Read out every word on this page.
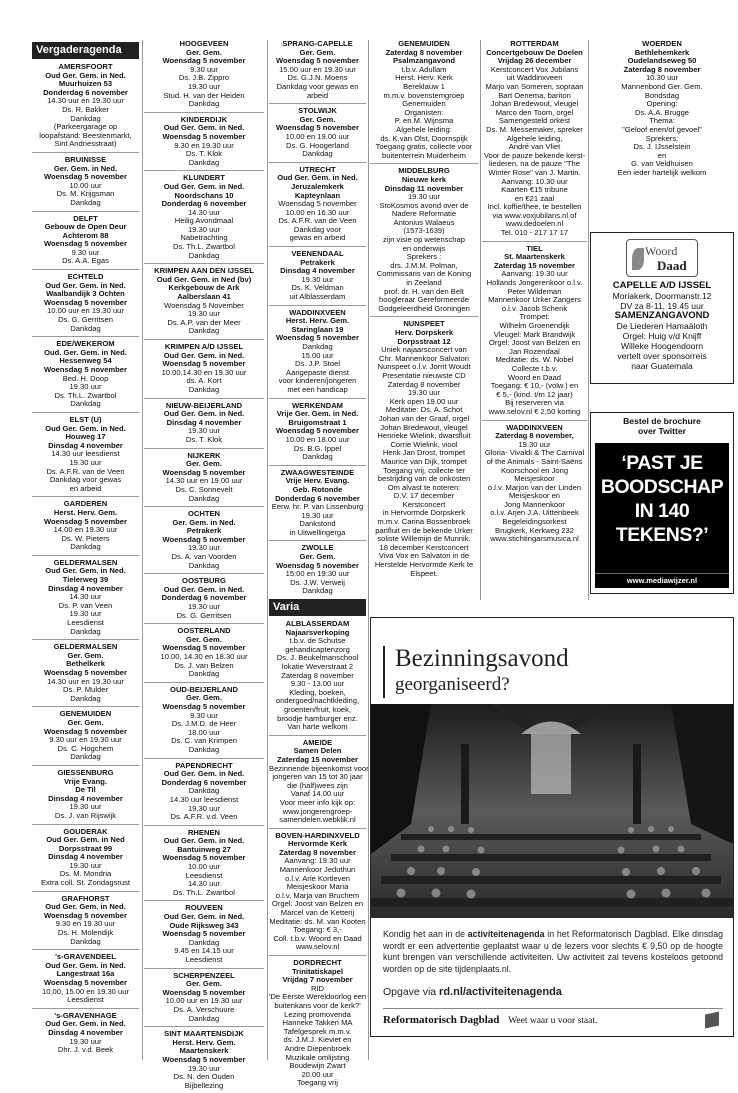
Vergaderagenda
AMERSFOORT
Oud Ger. Gem. in Ned.
Muurhuizen 53
Donderdag 6 november
14.30 uur en 19.30 uur
Ds. R. Bakker
Dankdag
(Parkeergarage op
loopafstand: Beestenmarkt,
Sint Andriesstraat)
BRUINISSE
Ger. Gem. in Ned.
Woensdag 5 november
10.00 uur
Ds. M. Krijgsman
Dankdag
DELFT
Gebouw de Open Deur
Achterom 88
Woensdag 5 november
9.30 uur
Ds. A.A. Egas
ECHTELD
Oud Ger. Gem. in Ned.
Waalbandijk 3 Ochten
Woensdag 5 november
10.00 uur en 19.30 uur
Ds. G. Gerritsen
Dankdag
EDE/WEKEROM
Oud. Ger. Gem. in Ned.
Hessenweg 54
Woensdag 5 november
Bed. H. Doop
19.30 uur
Ds. Th.L. Zwartbol
Dankdag
ELST (U)
Oud Ger. Gem. in Ned.
Houweg 17
Dinsdag 4 november
14.30 uur leesdienst
19.30 uur
Ds. A.F.R. van de Veen
Dankdag voor gewas
en arbeid
GARDEREN
Herst. Herv. Gem.
Woensdag 5 november
14.00 en 19.30 uur
Ds. W. Pieters
Dankdag
GELDERMALSEN
Oud Ger. Gem. in Ned.
Tielerweg 39
Dinsdag 4 november
14.30 uur
Ds. P. van Veen
19.30 uur
Leesdienst
Dankdag
GELDERMALSEN
Ger. Gem.
Bethelkerk
Woensdag 5 november
14.30 uur en 19.30 uur
Ds. P. Mulder
Dankdag
GENEMUIDEN
Ger. Gem.
Woensdag 5 november
9.30 uur en 19.30 uur
Ds. C. Hogchem
Dankdag
GIESSENBURG
Vrije Evang.
De Til
Dinsdag 4 november
19.30 uur
Ds. J. van Rijswijk
GOUDERAK
Oud Ger. Gem. in Ned
Dorpsstraat 99
Dinsdag 4 november
19.30 uur
Ds. M. Mondria
Extra coll. St. Zondagsrust
GRAFHORST
Oud Ger. Gem. in Ned.
Woensdag 5 november
9.30 en 19.30 uur
Ds. H. Molendijk
Dankdag
's-GRAVENDEEL
Oud Ger. Gem. in Ned.
Langestraat 16a
Woensdag 5 november
10.00, 15.00 en 19.30 uur
Leesdienst
's-GRAVENHAGE
Oud Ger. Gem. in Ned.
Dinsdag 4 november
19.30 uur
Dhr. J. v.d. Beek
HOOGEVEEN
Ger. Gem.
Woensdag 5 november
9.30 uur
Ds. J.B. Zippro
19.30 uur
Stud. H. van der Heiden
Dankdag
KINDERDIJK
Oud Ger. Gem. in Ned.
Woensdag 5 november
9.30 en 19.30 uur
Ds. T. Klok
Dankdag
KLUNDERT
Oud Ger. Gem. in Ned.
Noordschans 10
Donderdag 6 november
14.30 uur
Heilig Avondmaal
19.30 uur
Nabetrachting
Ds. Th.L. Zwartbol
Dankdag
KRIMPEN AAN DEN IJSSEL
Oud Ger. Gem. in Ned (bv)
Kerkgebouw de Ark
Aalberslaan 41
Woensdag 5 November
19.30 uur
Ds. A.P. van der Meer
Dankdag
KRIMPEN A/D IJSSEL
Oud Ger. Gem. in Ned.
Woensdag 5 november
10.00,14.30 en 19.30 uur
ds. A. Kort
Dankdag
NIEUW-BEIJERLAND
Oud Ger. Gem. in Ned.
Dinsdag 4 november
19.30 uur
Ds. T. Klok
NIJKERK
Ger. Gem.
Woensdag 5 november
14.30 uur en 19.00 uur
Ds. C. Sonnevelt
Dankdag
OCHTEN
Ger. Gem. in Ned.
Petrakerk
Woensdag 5 november
19.30 uur
Ds. A. van Voorden
Dankdag
OOSTBURG
Oud Ger. Gem. in Ned.
Donderdag 6 november
19.30 uur
Ds. G. Gerritsen
OOSTERLAND
Ger. Gem.
Woensdag 5 november
10.00, 14.30 en 18.30 uur
Ds. J. van Belzen
Dankdag
OUD-BEIJERLAND
Ger. Gem.
Woensdag 5 november
9.30 uur
Ds. J.M.D. de Heer
18.00 uur
Ds. C. van Krimpen
Dankdag
PAPENDRECHT
Oud Ger. Gem. in Ned.
Donderdag 6 november
Dankdag
14.30 uur leesdienst
19.30 uur
Ds. A.F.R. v.d. Veen
RHENEN
Oud Ger. Gem. in Ned.
Bantuinweg 27
Woensdag 5 november
10.00 uur
Leesdienst
14.30 uur
Ds. Th.L. Zwartbol
ROUVEEN
Oud Ger. Gem. in Ned.
Oude Rijksweg 343
Woensdag 5 november
Dankdag
9.45 en 14.15 uur
Leesdienst
SCHERPENZEEL
Ger. Gem.
Woensdag 5 november
10.00 uur en 19.30 uur
Ds. A. Verschuure
Dankdag
SINT MAARTENSDIJK
Herst. Herv. Gem.
Maartenskerk
Woensdag 5 november
19.30 uur
Ds. N. den Ouden
Bijbellezing
SPRANG-CAPELLE
Ger. Gem.
Woensdag 5 november
15.00 uur en 19.30 uur
Ds. G.J.N. Moens
Dankdag voor gewas en
arbeid
STOLWIJK
Ger. Gem.
Woensdag 5 november
10.00 en 19.00 uur
Ds. G. Hoogerland
Dankdag
UTRECHT
Oud Ger. Gem. in Ned.
Jeruzalemkerk
Kapteynlaan
Woensdag 5 november
10.00 en 16.30 uur
Ds. A.F.R. van de Veen
Dankdag voor
gewas en arbeid
VEENENDAAL
Petrakerk
Dinsdag 4 november
19.30 uur
Ds. K. Veldman
uit Alblasserdam
WADDINXVEEN
Herst. Herv. Gem.
Staringlaan 19
Woensdag 5 november
Dankdag
15.00 uur
Ds. J.P. Stoel
Aangepaste dienst
voor kinderen/jongeren
met een handicap
WERKENDAM
Vrije Ger. Gem. in Ned.
Bruigomstraat 1
Woensdag 5 november
10.00 en 18.00 uur
Ds. B.G. Ippel
Dankdag
ZWAAGWESTEINDE
Vrije Herv. Evang.
Geb. Rotonde
Donderdag 6 november
Eerw. hr. P. van Lissenburg
19.30 uur
Dankstond
in Uitwellingerga
ZWOLLE
Ger. Gem.
Woensdag 5 november
15:00 en 19:30 uur
Ds. J.W. Verweij
Dankdag
Varia
ALBLASSERDAM
Najaarsverkoping
t.b.v. de Schutse
gehandicaptenzorg
Ds. J. Beukelmanschool
lokatie Weverstraat 2
Zaterdag 8 november
9.30 - 13.00 uur
Kleding, boeken,
ondergoed/nachtkleding,
groenten/fruit, koek,
broodje hamburger enz.
Van harte welkom
AMEIDE
Samen Delen
Zaterdag 15 november
Bezinnende bijeenkomst voor
jongeren van 15 tot 30 jaar
die (half)wees zijn
Vanaf 14.00 uur
Voor meer info kijk op:
www.jongerengroep-
samendelen.webklik.nl
BOVEN-HARDINXVELD
Hervormde Kerk
Zaterdag 8 november
Aanvang: 19.30 uur
Mannenkoor Jeduthun
o.l.v. Arie Kortleven
Meisjeskoor Maria
o.l.v. Marja van Bruchem
Orgel: Joost van Belzen en
Marcel van de Ketterij
Meditatie: ds. M. van Kooten
Toegang: € 3,-
Coll. t.b.v. Woord en Daad
www.selov.nl
DORDRECHT
Trinitatiskapel
Vrijdag 7 november
RID
'De Eerste Wereldoorlog een
buitenkans voor de kerk?'
Lezing promovenda
Hanneke Takken MA
Tafelgesprek m.m.v.
ds. J.M.J. Kieviet en
Andre Diepenbroek
Muzikale omlijsting
Boudewijn Zwart
20.00 uur
Toegang vrij
GENEMUIDEN
Zaterdag 8 november
Psalmzangavond
t.b.v. Adullam
Herst. Herv. Kerk
Bereklauw 1
m.m.v. bovenstemgroep
Genemuiden
Organisten:
P. en M. Wijnsma
Algehele leiding:
ds. K.van Olst, Doornspijk
Toegang gratis, collecte voor
buitenterrein Muiderheim
MIDDELBURG
Nieuwe kerk
Dinsdag 11 november
19.30 uur
StoKosmos avond over de
Nadere Reformatie
Antonius Walaeus
(1573-1639)
zijn visie op wetenschap
en onderwijs
Sprekers :
drs. J.M.M. Polman,
Commissaris van de Koning
in Zeeland
prof. dr. H. van den Belt
hoogleraar Gereformeerde
Godgeleerdheid Groningen
NUNSPEET
Herv. Dorpskerk
Dorpsstraat 12
Uniek najaarsconcert van
Chr. Mannenkoor Salvatori
Nunspeet o.l.v. Jorrit Woudt
Presentatie nieuwste CD
Zaterdag 8 november
19.30 uur
Kerk open 19.00 uur
Meditatie: Ds. A. Schot
Johan van der Graaf, orgel
Johan Bredewout, vleugel
Henrieke Wielink, dwarsfluit
Corrie Wielink, viool
Henk Jan Drost, trompet
Maurice van Dijk, trompet
Toegang vrij, collecte ter
bestrijding van de onkosten
Om alvast te noteren:
D.V. 17 december
Kerstconcert
in Hervormde Dorpskerk
m.m.v. Carina Bossenbroek
panfluit en de bekende Urker
soliste Willemijn de Munnik.
18 december Kerstconcert
Viva Vox en Salvatori in de
Herstelde Hervormde Kerk te
Elspeet.
ROTTERDAM
Concertgebouw De Doelen
Vrijdag 26 december
Kerstconcert Vox Jubilans
uit Waddinxveen
Marjo van Someren, sopraan
Bart Oenema, bariton
Johan Bredewout, vleugel
Marco den Toom, orgel
Samengesteld orkest
Ds. M. Messemaker, spreker
Algehele leiding,
André van Vliet
Voor de pauze bekende kerst-
liederen, na de pauze "The
Winter Rose" van J. Martin.
Aanvang: 10.30 uur
Kaarten €15 tribune
en €21 zaal
Incl. koffie/thee, te bestellen
via www.voxjubilans.nl of
www.dedoelen.nl
Tel. 010 - 217 17 17
TIEL
St. Maartenskerk
Zaterdag 15 november
Aanvang: 19.30 uur
Hollands Jongerenkoor o.l.v.
Peter Wildeman
Mannenkoor Urker Zangers
o.l.v. Jacob Schenk
Trompet:
Wilhelm Groenendijk
Vleugel: Mark Brandwijk
Orgel: Joost van Belzen en
Jan Rozendaal
Meditatie: ds. W. Nobel
Collecte t.b.v.
Woord en Daad
Toegang: € 10,- (volw.) en
€ 5,- (kind. t/m 12 jaar)
Bij reserveren via
www.selov.nl € 2,50 korting
WADDINXVEEN
Zaterdag 8 november,
19.30 uur
Gloria- Vivaldi & The Carnival
of the Animals - Saint-Saëns
Koorschool en Jong
Meisjeskoor
o.l.v. Marjon van der Linden
Meisjeskoor en
Jong Mannenkoor
o.l.v. Arjen J.A. Uittenbeek
Begeleidingsorkest
Brugkerk, Kerkweg 232
www.stichtingarsmusica.nl
WOERDEN
Bethlehemkerk
Oudelandseweg 50
Zaterdag 8 november
10.30 uur
Mannenbond Ger. Gem.
Bondsdag
Opening:
Ds. A.A. Brugge
Thema:
"Geloof enen/of gevoel"
Sprekers:
Ds. J. IJsselstein
en
G. van Veldhuisen
Een ieder hartelijk welkom
Woord
Daad
CAPELLE A/D IJSSEL
Moriakerk, Doormanstr.12
DV za 8-11, 19.45 uur
SAMENZANGAVOND
De Liederen Hamaäloth
Orgel: Huig v/d Knijff
Willeke Hoogendoorn
vertelt over sponsorreis
naar Guatemala
Bestel de brochure
over Twitter
‘PAST JE
BOODSCHAP
IN 140
TEKENS?’
www.mediawijzer.nl
Bezinningsavond
georganiseerd?
Kondig het aan in de activiteitenagenda in het Reformatorisch Dagblad. Elke dinsdag wordt er een advertentie geplaatst waar u de lezers voor slechts € 9,50 op de hoogte kunt brengen van verschillende activiteiten. Uw activiteit zal tevens kosteloos getoond worden op de site tijdenplaats.nl.
Opgave via rd.nl/activiteitenagenda
Reformatorisch Dagblad Weet waar u voor staat.
